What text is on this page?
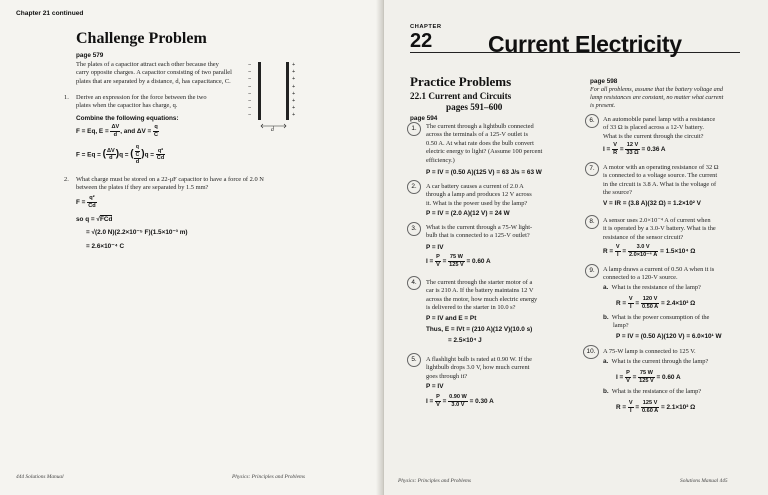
Chapter 21 continued
Challenge Problem
page 579
The plates of a capacitor attract each other because they
carry opposite charges. A capacitor consisting of two parallel
plates that are separated by a distance, d, has capacitance, C.
−
−
−
−
−
−
−
−
+
+
+
+
+
+
+
+
d
1. Derive an expression for the force between the two
plates when the capacitor has charge, q.
Combine the following equations:
F = Eq, $E = \frac{\Delta V}{d}$ , and $\Delta V = \frac{q}{C}$
F = Eq = ( $\frac{\Delta V}{d} )q$ = ( $\frac{\frac{q}{C}}{d} )q = \frac{\text{q²}}{Cd}$
2. What charge must be stored on a 22-μF capacitor to have a force of 2.0 N
between the plates if they are separated by 1.5 mm?
$F = \frac{\text{q²}}{Cd}$
so q = √FCd
= √(2.0 N)(2.2×10⁻⁵ F)(1.5×10⁻³ m)
= 2.6×10⁻⁴ C
444 Solutions Manual	Physics: Principles and Problems
CHAPTER
22 Current Electricity
Practice Problems
22.1 Current and Circuits
pages 591–600
page 594
1.	The current through a lightbulb connected
across the terminals of a 125-V outlet is
0.50 A. At what rate does the bulb convert
electric energy to light? (Assume 100 percent
efficiency.)
P = IV = (0.50 A)(125 V) = 63 J/s = 63 W
2.	A car battery causes a current of 2.0 A
through a lamp and produces 12 V across
it. What is the power used by the lamp?
P = IV = (2.0 A)(12 V) = 24 W
3.	What is the current through a 75-W light-
bulb that is connected to a 125-V outlet?
P = IV
$I = \frac{P}{V} = \frac{75 W}{125 V} = 0.60$ A
4.	The current through the starter motor of a
car is 210 A. If the battery maintains 12 V
across the motor, how much electric energy
is delivered to the starter in 10.0 s?
P = IV and E = Pt
Thus, E = IVt = (210 A)(12 V)(10.0 s)
= 2.5×10⁴ J
5.	A flashlight bulb is rated at 0.90 W. If the
lightbulb drops 3.0 V, how much current
goes through it?
P = IV
$I = \frac{P}{V} = \frac{0.90 W}{3.0 V} = 0.30$ A
page 598
For all problems, assume that the battery voltage and
lamp resistances are constant, no matter what current
is present.
6.	An automobile panel lamp with a resistance
of 33 Ω is placed across a 12-V battery.
What is the current through the circuit?
$I = \frac{V}{R} = \frac{12 V}{33 \Omega} = 0.36$ A
7.	A motor with an operating resistance of 32 Ω
is connected to a voltage source. The current
in the circuit is 3.8 A. What is the voltage of
the source?
V = IR = (3.8 A)(32 Ω) = 1.2×10² V
8.	A sensor uses 2.0×10⁻⁴ A of current when
it is operated by a 3.0-V battery. What is the
resistance of the sensor circuit?
$R = \frac{V}{I} = \frac{3.0 V}{\text{2.0×10⁻⁴ A}} = 1.5\times 10^4$ Ω
9.	A lamp draws a current of 0.50 A when it is
connected to a 120-V source.
a. What is the resistance of the lamp?
$R = \frac{V}{I} = \frac{120 V}{0.50 A} = 2.4\times 10^2$ Ω
b. What is the power consumption of the
lamp?
P = IV = (0.50 A)(120 V) = 6.0×10¹ W
10.	A 75-W lamp is connected to 125 V.
a. What is the current through the lamp?
$I = \frac{P}{V} = \frac{75 W}{125 V} = 0.60$ A
b. What is the resistance of the lamp?
$R = \frac{V}{I} = \frac{125 V}{0.60 A} = 2.1\times 10^2$ Ω
Physics: Principles and Problems	Solutions Manual 445
